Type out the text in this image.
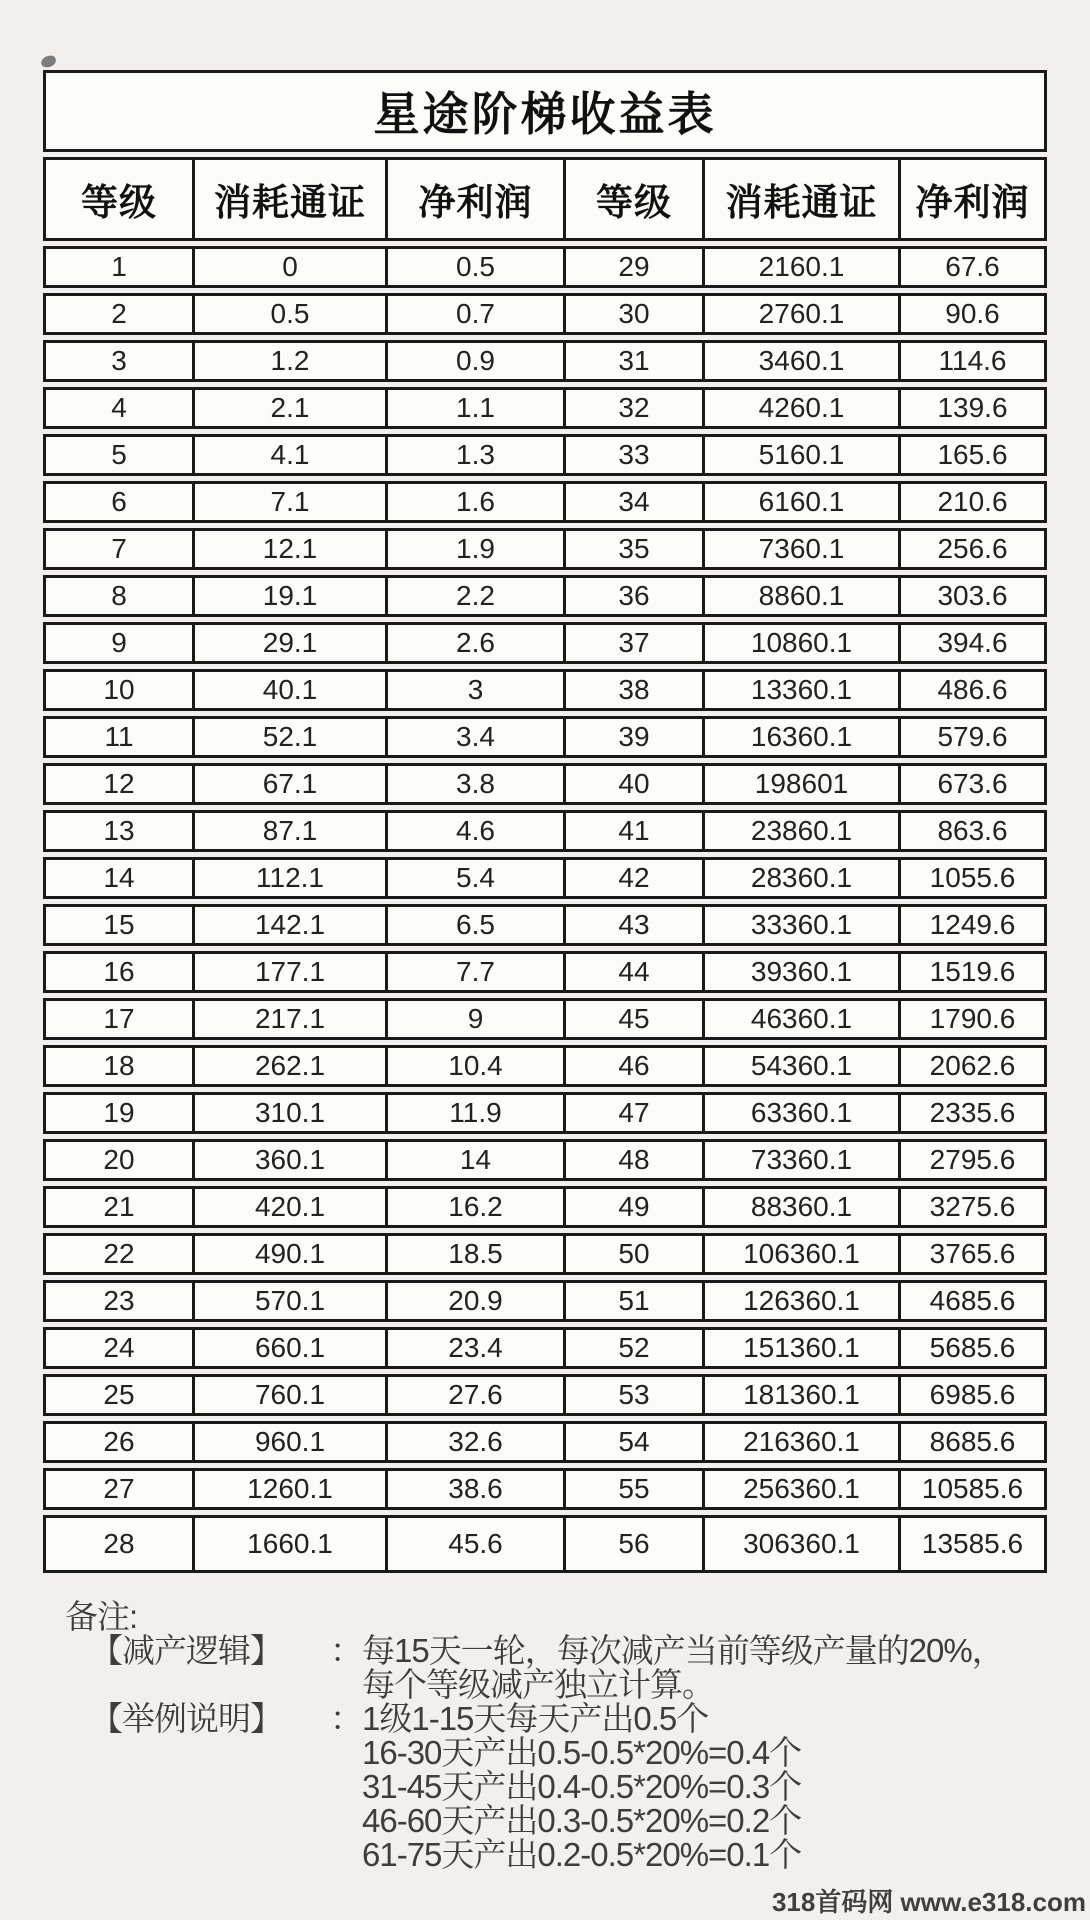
星途阶梯收益表
等级	消耗通证	净利润	等级	消耗通证	净利润
1	0	0.5	29	2160.1	67.6
2	0.5	0.7	30	2760.1	90.6
3	1.2	0.9	31	3460.1	114.6
4	2.1	1.1	32	4260.1	139.6
5	4.1	1.3	33	5160.1	165.6
6	7.1	1.6	34	6160.1	210.6
7	12.1	1.9	35	7360.1	256.6
8	19.1	2.2	36	8860.1	303.6
9	29.1	2.6	37	10860.1	394.6
10	40.1	3	38	13360.1	486.6
11	52.1	3.4	39	16360.1	579.6
12	67.1	3.8	40	198601	673.6
13	87.1	4.6	41	23860.1	863.6
14	112.1	5.4	42	28360.1	1055.6
15	142.1	6.5	43	33360.1	1249.6
16	177.1	7.7	44	39360.1	1519.6
17	217.1	9	45	46360.1	1790.6
18	262.1	10.4	46	54360.1	2062.6
19	310.1	11.9	47	63360.1	2335.6
20	360.1	14	48	73360.1	2795.6
21	420.1	16.2	49	88360.1	3275.6
22	490.1	18.5	50	106360.1	3765.6
23	570.1	20.9	51	126360.1	4685.6
24	660.1	23.4	52	151360.1	5685.6
25	760.1	27.6	53	181360.1	6985.6
26	960.1	32.6	54	216360.1	8685.6
27	1260.1	38.6	55	256360.1	10585.6
28	1660.1	45.6	56	306360.1	13585.6
备注:
【减产逻辑】 ： 每15天一轮，每次减产当前等级产量的20%，
每个等级减产独立计算。
【举例说明】 ： 1级1-15天每天产出0.5个
16-30天产出0.5-0.5*20%=0.4个
31-45天产出0.4-0.5*20%=0.3个
46-60天产出0.3-0.5*20%=0.2个
61-75天产出0.2-0.5*20%=0.1个
318首码网 www.e318.com
